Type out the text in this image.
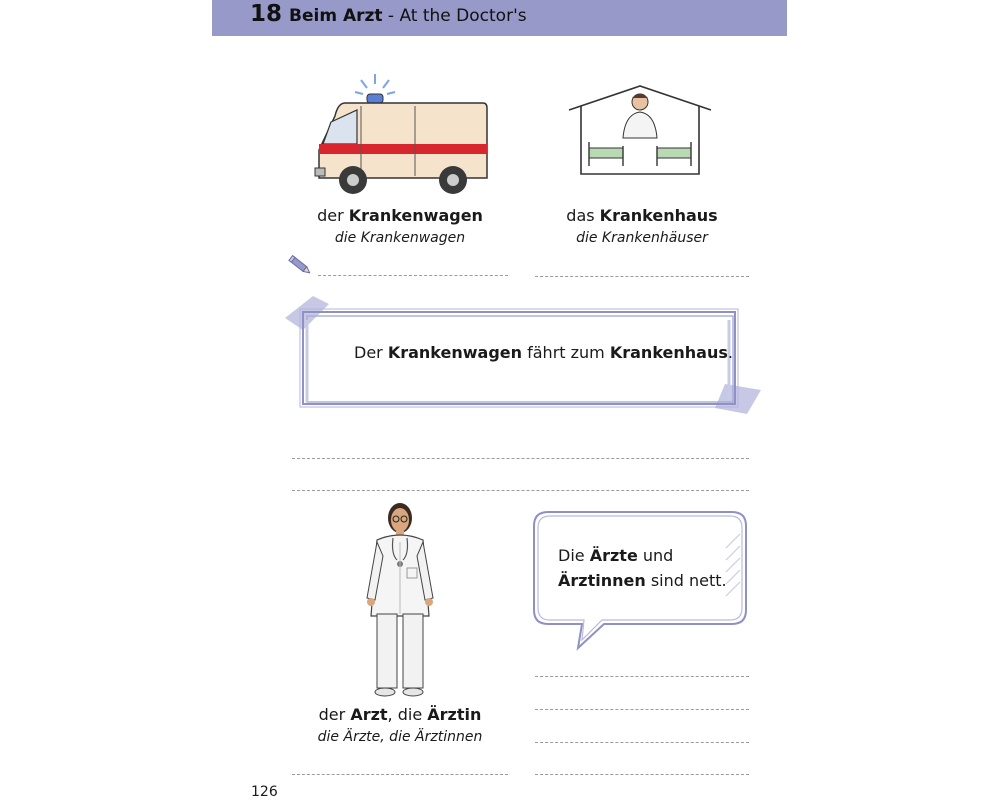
18 Beim Arzt - At the Doctor's
der Krankenwagen
die Krankenwagen
das Krankenhaus
die Krankenhäuser
Der Krankenwagen fährt zum Krankenhaus.
Die Ärzte und
Ärztinnen sind nett.
der Arzt, die Ärztin
die Ärzte, die Ärztinnen
126
